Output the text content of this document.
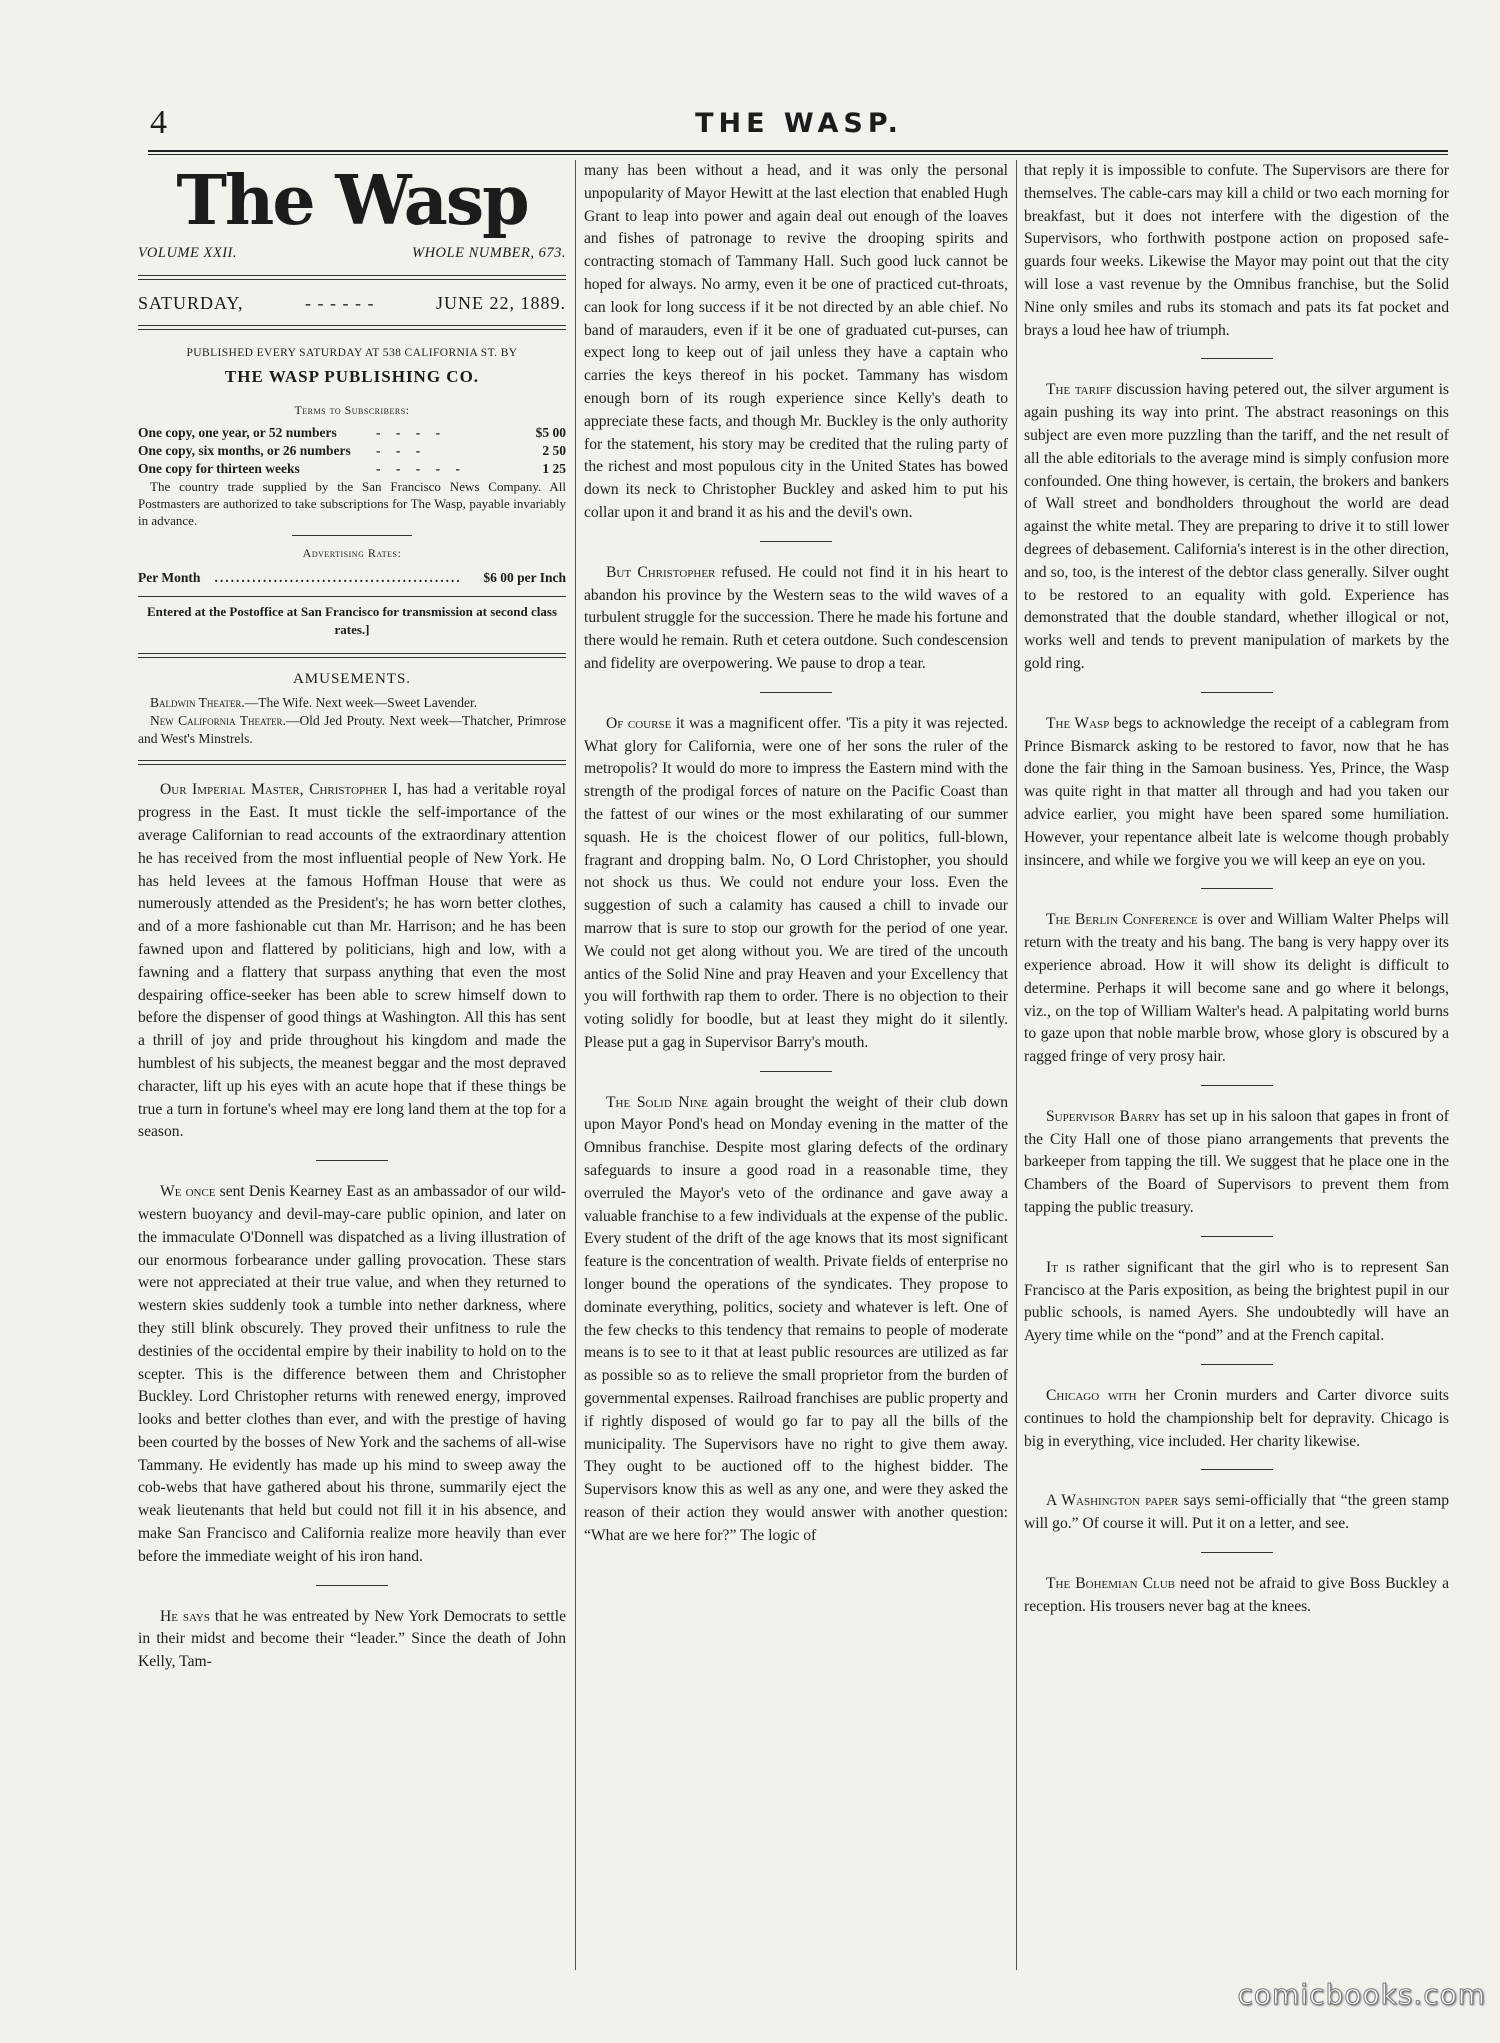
4	THE WASP.
The Wasp
VOLUME XXII.	WHOLE NUMBER, 673.
SATURDAY,	- - - - - -	JUNE 22, 1889.
PUBLISHED EVERY SATURDAY AT 538 CALIFORNIA ST. BY
THE WASP PUBLISHING CO.
Terms to Subscribers:
One copy, one year, or 52 numbers	- - - -	$5 00
One copy, six months, or 26 numbers	- - -	2 50
One copy for thirteen weeks	- - - - -	1 25

The country trade supplied by the San Francisco News Company. All Postmasters are authorized to take subscriptions for The Wasp, payable invariably in advance.

Advertising Rates:
Per Month	..............................................	$6 00 per Inch
Entered at the Postoffice at San Francisco for transmission at second class rates.]
AMUSEMENTS.

Baldwin Theater.—The Wife. Next week—Sweet Lavender.

New California Theater.—Old Jed Prouty. Next week—Thatcher, Primrose and West's Minstrels.

Our Imperial Master, Christopher I, has had a veritable royal progress in the East. It must tickle the self-importance of the average Californian to read accounts of the extraordinary attention he has received from the most influential people of New York. He has held levees at the famous Hoffman House that were as numerously attended as the President's; he has worn better clothes, and of a more fashionable cut than Mr. Harrison; and he has been fawned upon and flattered by politicians, high and low, with a fawning and a flattery that surpass anything that even the most despairing office-seeker has been able to screw himself down to before the dispenser of good things at Washington. All this has sent a thrill of joy and pride throughout his kingdom and made the humblest of his subjects, the meanest beggar and the most depraved character, lift up his eyes with an acute hope that if these things be true a turn in fortune's wheel may ere long land them at the top for a season.

We once sent Denis Kearney East as an ambassador of our wild-western buoyancy and devil-may-care public opinion, and later on the immaculate O'Donnell was dispatched as a living illustration of our enormous forbearance under galling provocation. These stars were not appreciated at their true value, and when they returned to western skies suddenly took a tumble into nether darkness, where they still blink obscurely. They proved their unfitness to rule the destinies of the occidental empire by their inability to hold on to the scepter. This is the difference between them and Christopher Buckley. Lord Christopher returns with renewed energy, improved looks and better clothes than ever, and with the prestige of having been courted by the bosses of New York and the sachems of all-wise Tammany. He evidently has made up his mind to sweep away the cob-webs that have gathered about his throne, summarily eject the weak lieutenants that held but could not fill it in his absence, and make San Francisco and California realize more heavily than ever before the immediate weight of his iron hand.

He says that he was entreated by New York Democrats to settle in their midst and become their “leader.” Since the death of John Kelly, Tam-

many has been without a head, and it was only the personal unpopularity of Mayor Hewitt at the last election that enabled Hugh Grant to leap into power and again deal out enough of the loaves and fishes of patronage to revive the drooping spirits and contracting stomach of Tammany Hall. Such good luck cannot be hoped for always. No army, even it be one of practiced cut-throats, can look for long success if it be not directed by an able chief. No band of marauders, even if it be one of graduated cut-purses, can expect long to keep out of jail unless they have a captain who carries the keys thereof in his pocket. Tammany has wisdom enough born of its rough experience since Kelly's death to appreciate these facts, and though Mr. Buckley is the only authority for the statement, his story may be credited that the ruling party of the richest and most populous city in the United States has bowed down its neck to Christopher Buckley and asked him to put his collar upon it and brand it as his and the devil's own.

But Christopher refused. He could not find it in his heart to abandon his province by the Western seas to the wild waves of a turbulent struggle for the succession. There he made his fortune and there would he remain. Ruth et cetera outdone. Such condescension and fidelity are overpowering. We pause to drop a tear.

Of course it was a magnificent offer. 'Tis a pity it was rejected. What glory for California, were one of her sons the ruler of the metropolis? It would do more to impress the Eastern mind with the strength of the prodigal forces of nature on the Pacific Coast than the fattest of our wines or the most exhilarating of our summer squash. He is the choicest flower of our politics, full-blown, fragrant and dropping balm. No, O Lord Christopher, you should not shock us thus. We could not endure your loss. Even the suggestion of such a calamity has caused a chill to invade our marrow that is sure to stop our growth for the period of one year. We could not get along without you. We are tired of the uncouth antics of the Solid Nine and pray Heaven and your Excellency that you will forthwith rap them to order. There is no objection to their voting solidly for boodle, but at least they might do it silently. Please put a gag in Supervisor Barry's mouth.

The Solid Nine again brought the weight of their club down upon Mayor Pond's head on Monday evening in the matter of the Omnibus franchise. Despite most glaring defects of the ordinary safeguards to insure a good road in a reasonable time, they overruled the Mayor's veto of the ordinance and gave away a valuable franchise to a few individuals at the expense of the public. Every student of the drift of the age knows that its most significant feature is the concentration of wealth. Private fields of enterprise no longer bound the operations of the syndicates. They propose to dominate everything, politics, society and whatever is left. One of the few checks to this tendency that remains to people of moderate means is to see to it that at least public resources are utilized as far as possible so as to relieve the small proprietor from the burden of governmental expenses. Railroad franchises are public property and if rightly disposed of would go far to pay all the bills of the municipality. The Supervisors have no right to give them away. They ought to be auctioned off to the highest bidder. The Supervisors know this as well as any one, and were they asked the reason of their action they would answer with another question: “What are we here for?” The logic of

that reply it is impossible to confute. The Supervisors are there for themselves. The cable-cars may kill a child or two each morning for breakfast, but it does not interfere with the digestion of the Supervisors, who forthwith postpone action on proposed safe-guards four weeks. Likewise the Mayor may point out that the city will lose a vast revenue by the Omnibus franchise, but the Solid Nine only smiles and rubs its stomach and pats its fat pocket and brays a loud hee haw of triumph.

The tariff discussion having petered out, the silver argument is again pushing its way into print. The abstract reasonings on this subject are even more puzzling than the tariff, and the net result of all the able editorials to the average mind is simply confusion more confounded. One thing however, is certain, the brokers and bankers of Wall street and bondholders throughout the world are dead against the white metal. They are preparing to drive it to still lower degrees of debasement. California's interest is in the other direction, and so, too, is the interest of the debtor class generally. Silver ought to be restored to an equality with gold. Experience has demonstrated that the double standard, whether illogical or not, works well and tends to prevent manipulation of markets by the gold ring.

The Wasp begs to acknowledge the receipt of a cablegram from Prince Bismarck asking to be restored to favor, now that he has done the fair thing in the Samoan business. Yes, Prince, the Wasp was quite right in that matter all through and had you taken our advice earlier, you might have been spared some humiliation. However, your repentance albeit late is welcome though probably insincere, and while we forgive you we will keep an eye on you.

The Berlin Conference is over and William Walter Phelps will return with the treaty and his bang. The bang is very happy over its experience abroad. How it will show its delight is difficult to determine. Perhaps it will become sane and go where it belongs, viz., on the top of William Walter's head. A palpitating world burns to gaze upon that noble marble brow, whose glory is obscured by a ragged fringe of very prosy hair.

Supervisor Barry has set up in his saloon that gapes in front of the City Hall one of those piano arrangements that prevents the barkeeper from tapping the till. We suggest that he place one in the Chambers of the Board of Supervisors to prevent them from tapping the public treasury.

It is rather significant that the girl who is to represent San Francisco at the Paris exposition, as being the brightest pupil in our public schools, is named Ayers. She undoubtedly will have an Ayery time while on the “pond” and at the French capital.

Chicago with her Cronin murders and Carter divorce suits continues to hold the championship belt for depravity. Chicago is big in everything, vice included. Her charity likewise.

A Washington paper says semi-officially that “the green stamp will go.” Of course it will. Put it on a letter, and see.

The Bohemian Club need not be afraid to give Boss Buckley a reception. His trousers never bag at the knees.

comicbooks.com
